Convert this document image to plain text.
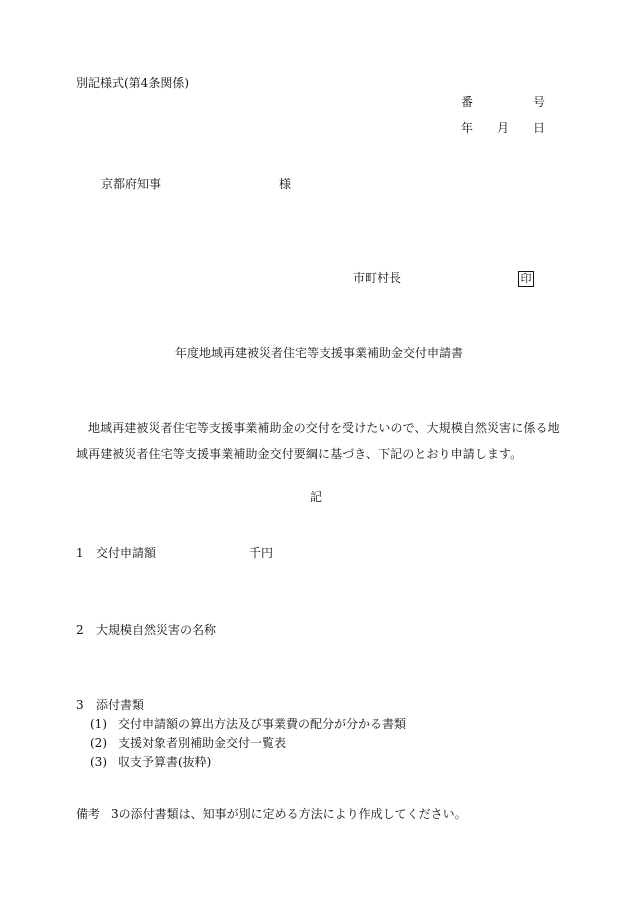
別記様式(第4条関係)

番	号

年 月 日

京都府知事	様

市町村長	印

年度地域再建被災者住宅等支援事業補助金交付申請書

地域再建被災者住宅等支援事業補助金の交付を受けたいので、大規模自然災害に係る地域再建被災者住宅等支援事業補助金交付要綱に基づき、下記のとおり申請します。

記

1 交付申請額	千円

2 大規模自然災害の名称

3 添付書類

(1) 交付申請額の算出方法及び事業費の配分が分かる書類

(2) 支援対象者別補助金交付一覧表

(3) 収支予算書(抜粋)

備考 3の添付書類は、知事が別に定める方法により作成してください。
